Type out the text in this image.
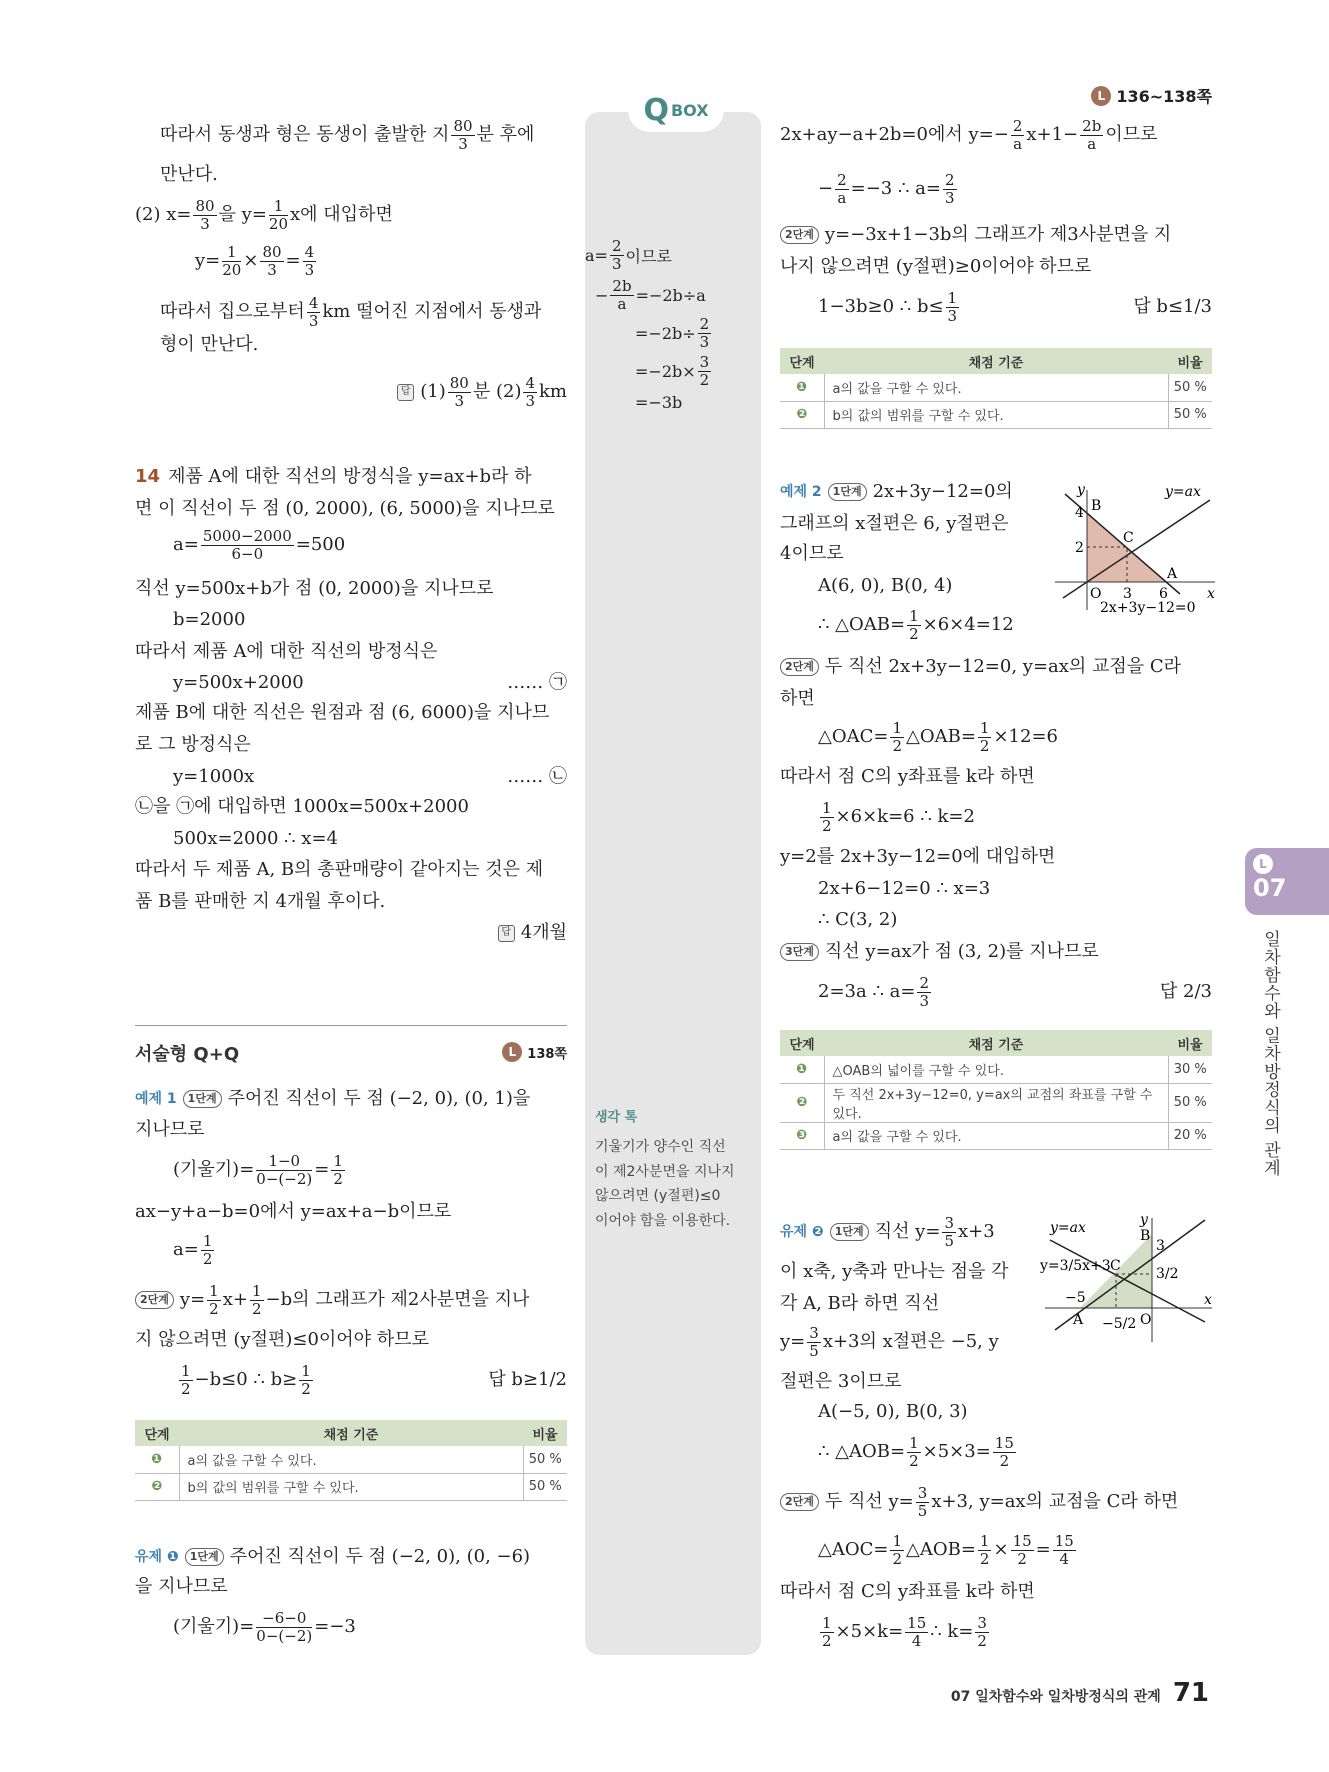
Q BOX
서술형 Q+Q	L 138쪽
단계	채점 기준	비율
❶	a의 값을 구할 수 있다.	50 %
❷	b의 값의 범위를 구할 수 있다.	50 %
따라서 동생과 형은 동생이 출발한 지 $\frac{80}{3}$ 분 후에
만난다.
(2) $x= \frac{80}{3}$ 을 $y= \frac{1}{20}$ x에 대입하면
$y= \frac{1}{20} \times \frac{80}{3} = \frac{4}{3}$
따라서 집으로부터 $\frac{4}{3}$ km 떨어진 지점에서 동생과
형이 만난다.
답 $(1) \frac{80}{3}$ 분 $(2) \frac{4}{3}$ km
14 제품 A에 대한 직선의 방정식을 y=ax+b라 하
면 이 직선이 두 점 (0, 2000), (6, 5000)을 지나므로
$a= \frac{5000-2000}{6-0} =500$
직선 y=500x+b가 점 (0, 2000)을 지나므로
b=2000
따라서 제품 A에 대한 직선의 방정식은
y=500x+2000	…… ㉠
제품 B에 대한 직선은 원점과 점 (6, 6000)을 지나므
로 그 방정식은
y=1000x	…… ㉡
㉡을 ㉠에 대입하면 1000x=500x+2000
500x=2000 ∴ x=4
따라서 두 제품 A, B의 총판매량이 같아지는 것은 제
품 B를 판매한 지 4개월 후이다.
답 4개월
예제 1	1단계 주어진 직선이 두 점 (−2, 0), (0, 1)을
지나므로
(기울기)= $\frac{1-0}{0-(-2)} = \frac{1}{2}$
ax−y+a−b=0에서 y=ax+a−b이므로
$a= \frac{1}{2}$
2단계 $y= \frac{1}{2} x+ \frac{1}{2} -b$의 그래프가 제2사분면을 지나
지 않으려면 (y절편)≤0이어야 하므로
$\frac{1}{2} -b\le 0$ ∴ $b\ge \frac{1}{2}$	답 b≥1/2
유제 ❶	1단계 주어진 직선이 두 점 (−2, 0), (0, −6)
을 지나므로
(기울기)= $\frac{-6-0}{0-(-2)} =-3$
생각 톡
$a= \frac{2}{3}$ 이므로
− $\frac{2b}{a} =-2b\div a$
$=-2b\div \frac{2}{3}$
$=-2b\times \frac{3}{2}$
=−3b
기울기가 양수인 직선
이 제2사분면을 지나지
않으려면 (y절편)≤0
이어야 함을 이용한다.
L 136~138쪽
단계	채점 기준	비율
❶	a의 값을 구할 수 있다.	50 %
❷	b의 값의 범위를 구할 수 있다.	50 %
단계	채점 기준	비율
❶	△OAB의 넓이를 구할 수 있다.	30 %
❷	두 직선 2x+3y−12=0, y=ax의 교점의 좌표를 구할 수 있다.	50 %
❸	a의 값을 구할 수 있다.	20 %
y
x
y=ax
2x+3y−12=0
B
C
A
O
4
2
3 6
y
x
y=ax
y=3/5x+3
B
C
A	O
3
3/2
−5
−5/2
2x+ay−a+2b=0에서 $y=- \frac{2}{a} x+1- \frac{2b}{a}$ 이므로
− $\frac{2}{a} =-3$ ∴ $a= \frac{2}{3}$
2단계 y=−3x+1−3b의 그래프가 제3사분면을 지
나지 않으려면 (y절편)≥0이어야 하므로
1−3b≥0 ∴ $b\le \frac{1}{3}$	답 b≤1/3
예제 2	1단계 2x+3y−12=0의
그래프의 x절편은 6, y절편은
4이므로
A(6, 0), B(0, 4)
∴ △OAB= $\frac{1}{2} \times 6\times 4=12$
2단계 두 직선 2x+3y−12=0, y=ax의 교점을 C라
하면
△OAC= $\frac{1}{2}$ △OAB= $\frac{1}{2} \times 12=6$
따라서 점 C의 y좌표를 k라 하면
$\frac{1}{2} \times 6\times k=6$ ∴ k=2
y=2를 2x+3y−12=0에 대입하면
2x+6−12=0 ∴ x=3
∴ C(3, 2)
3단계 직선 y=ax가 점 (3, 2)를 지나므로
2=3a ∴ $a= \frac{2}{3}$	답 2/3
유제 ❷	1단계 직선 $y= \frac{3}{5} x+3$
이 x축, y축과 만나는 점을 각
각 A, B라 하면 직선
$y= \frac{3}{5} x+3$의 x절편은 −5, y
절편은 3이므로
A(−5, 0), B(0, 3)
∴ △AOB= $\frac{1}{2} \times 5\times 3= \frac{15}{2}$
2단계 두 직선 $y= \frac{3}{5} x+3$, y=ax의 교점을 C라 하면
△AOC= $\frac{1}{2}$ △AOB= $\frac{1}{2} \times \frac{15}{2} = \frac{15}{4}$
따라서 점 C의 y좌표를 k라 하면
$\frac{1}{2} \times 5\times k= \frac{15}{4}$ ∴ $k= \frac{3}{2}$
L
07
일차함수와 일차방정식의 관계
07 일차함수와 일차방정식의 관계 71
